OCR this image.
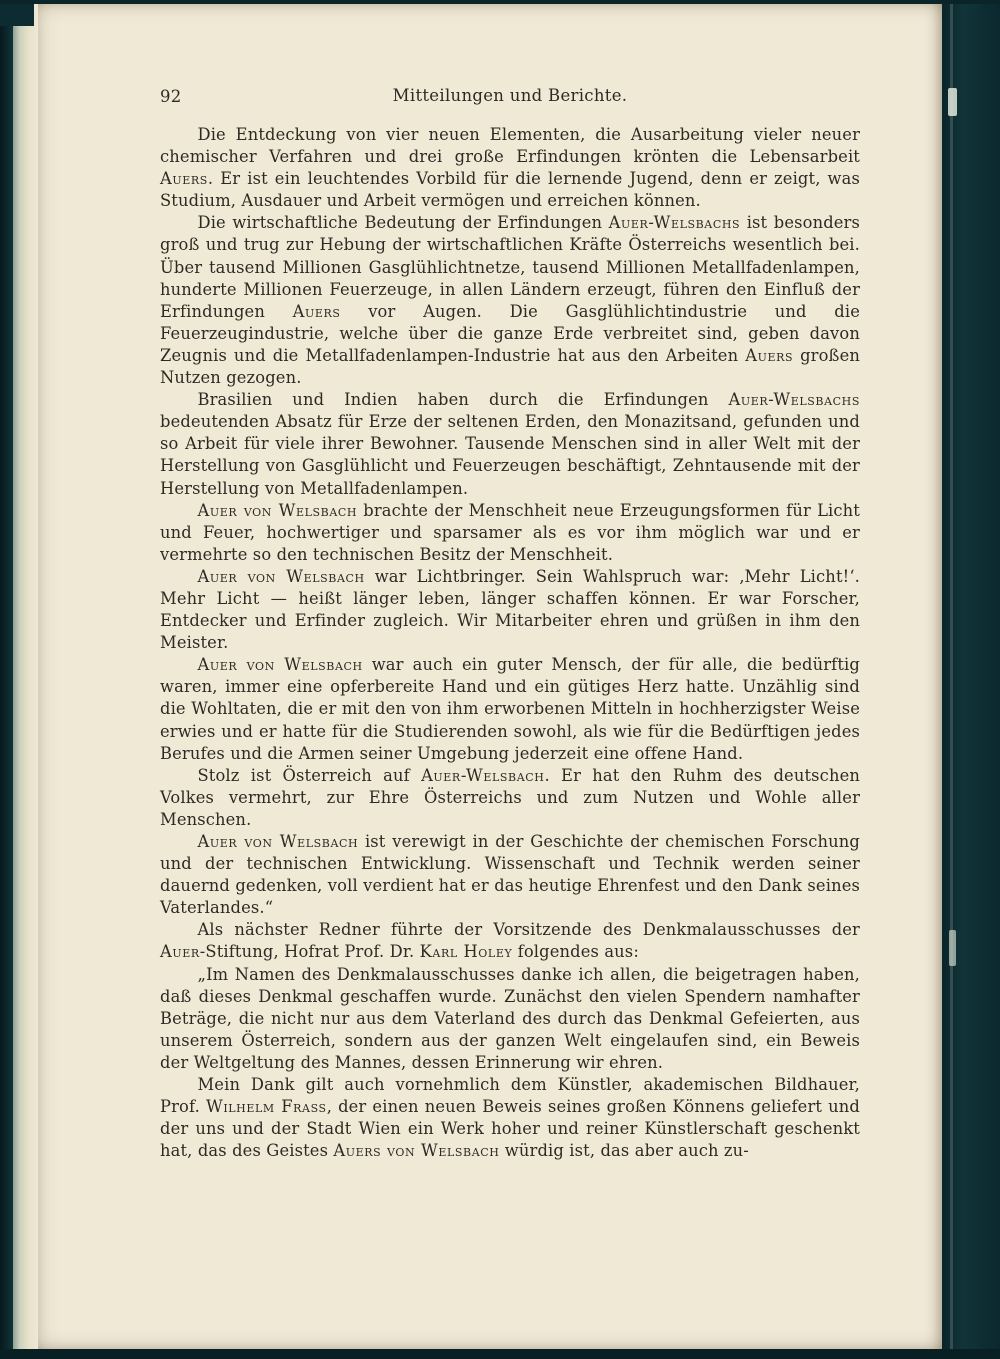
92	Mitteilungen und Berichte.

Die Entdeckung von vier neuen Elementen, die Ausarbeitung vieler neuer chemischer Verfahren und drei große Erfindungen krönten die Lebensarbeit Auers. Er ist ein leuchtendes Vorbild für die lernende Jugend, denn er zeigt, was Studium, Ausdauer und Arbeit vermögen und erreichen können.

Die wirtschaftliche Bedeutung der Erfindungen Auer-Welsbachs ist besonders groß und trug zur Hebung der wirtschaftlichen Kräfte Österreichs wesentlich bei. Über tausend Millionen Gasglühlichtnetze, tausend Millionen Metallfadenlampen, hunderte Millionen Feuerzeuge, in allen Ländern erzeugt, führen den Einfluß der Erfindungen Auers vor Augen. Die Gasglühlichtindustrie und die Feuerzeugindustrie, welche über die ganze Erde verbreitet sind, geben davon Zeugnis und die Metallfadenlampen-Industrie hat aus den Arbeiten Auers großen Nutzen gezogen.

Brasilien und Indien haben durch die Erfindungen Auer-Welsbachs bedeutenden Absatz für Erze der seltenen Erden, den Monazitsand, gefunden und so Arbeit für viele ihrer Bewohner. Tausende Menschen sind in aller Welt mit der Herstellung von Gasglühlicht und Feuerzeugen beschäftigt, Zehntausende mit der Herstellung von Metallfadenlampen.

Auer von Welsbach brachte der Menschheit neue Erzeugungsformen für Licht und Feuer, hochwertiger und sparsamer als es vor ihm möglich war und er vermehrte so den technischen Besitz der Menschheit.

Auer von Welsbach war Lichtbringer. Sein Wahlspruch war: ‚Mehr Licht!‘. Mehr Licht — heißt länger leben, länger schaffen können. Er war Forscher, Entdecker und Erfinder zugleich. Wir Mitarbeiter ehren und grüßen in ihm den Meister.

Auer von Welsbach war auch ein guter Mensch, der für alle, die bedürftig waren, immer eine opferbereite Hand und ein gütiges Herz hatte. Unzählig sind die Wohltaten, die er mit den von ihm erworbenen Mitteln in hochherzigster Weise erwies und er hatte für die Studierenden sowohl, als wie für die Bedürftigen jedes Berufes und die Armen seiner Umgebung jederzeit eine offene Hand.

Stolz ist Österreich auf Auer-Welsbach. Er hat den Ruhm des deutschen Volkes vermehrt, zur Ehre Österreichs und zum Nutzen und Wohle aller Menschen.

Auer von Welsbach ist verewigt in der Geschichte der chemischen Forschung und der technischen Entwicklung. Wissenschaft und Technik werden seiner dauernd gedenken, voll verdient hat er das heutige Ehrenfest und den Dank seines Vaterlandes.“

Als nächster Redner führte der Vorsitzende des Denkmalausschusses der Auer-Stiftung, Hofrat Prof. Dr. Karl Holey folgendes aus:

„Im Namen des Denkmalausschusses danke ich allen, die beigetragen haben, daß dieses Denkmal geschaffen wurde. Zunächst den vielen Spendern namhafter Beträge, die nicht nur aus dem Vaterland des durch das Denkmal Gefeierten, aus unserem Österreich, sondern aus der ganzen Welt eingelaufen sind, ein Beweis der Weltgeltung des Mannes, dessen Erinnerung wir ehren.

Mein Dank gilt auch vornehmlich dem Künstler, akademischen Bildhauer, Prof. Wilhelm Frass, der einen neuen Beweis seines großen Könnens geliefert und der uns und der Stadt Wien ein Werk hoher und reiner Künstlerschaft geschenkt hat, das des Geistes Auers von Welsbach würdig ist, das aber auch zu-
